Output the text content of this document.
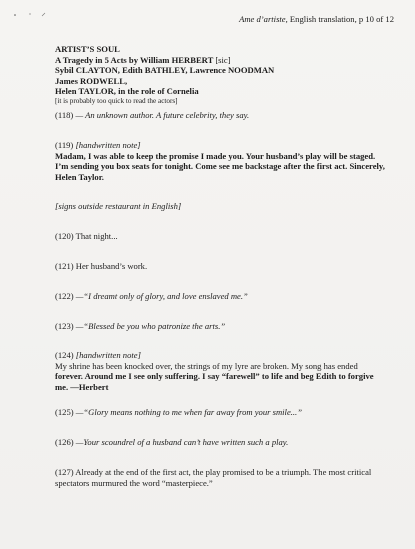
Ame d’artiste, English translation, p 10 of 12
ARTIST’S SOUL
A Tragedy in 5 Acts by William HERBERT [sic]
Sybil CLAYTON, Edith BATHLEY, Lawrence NOODMAN
James RODWELL,
Helen TAYLOR, in the role of Cornelia
[it is probably too quick to read the actors]
(118) — An unknown author. A future celebrity, they say.
(119) [handwritten note]
Madam, I was able to keep the promise I made you. Your husband’s play will be staged. I’m sending you box seats for tonight. Come see me backstage after the first act. Sincerely, Helen Taylor.
[signs outside restaurant in English]
(120) That night...
(121) Her husband’s work.
(122) —“I dreamt only of glory, and love enslaved me.”
(123) —“Blessed be you who patronize the arts.”
(124) [handwritten note]
My shrine has been knocked over, the strings of my lyre are broken. My song has ended forever. Around me I see only suffering. I say “farewell” to life and beg Edith to forgive me. —Herbert
(125) —“Glory means nothing to me when far away from your smile...”
(126) —Your scoundrel of a husband can’t have written such a play.
(127) Already at the end of the first act, the play promised to be a triumph. The most critical spectators murmured the word “masterpiece.”
